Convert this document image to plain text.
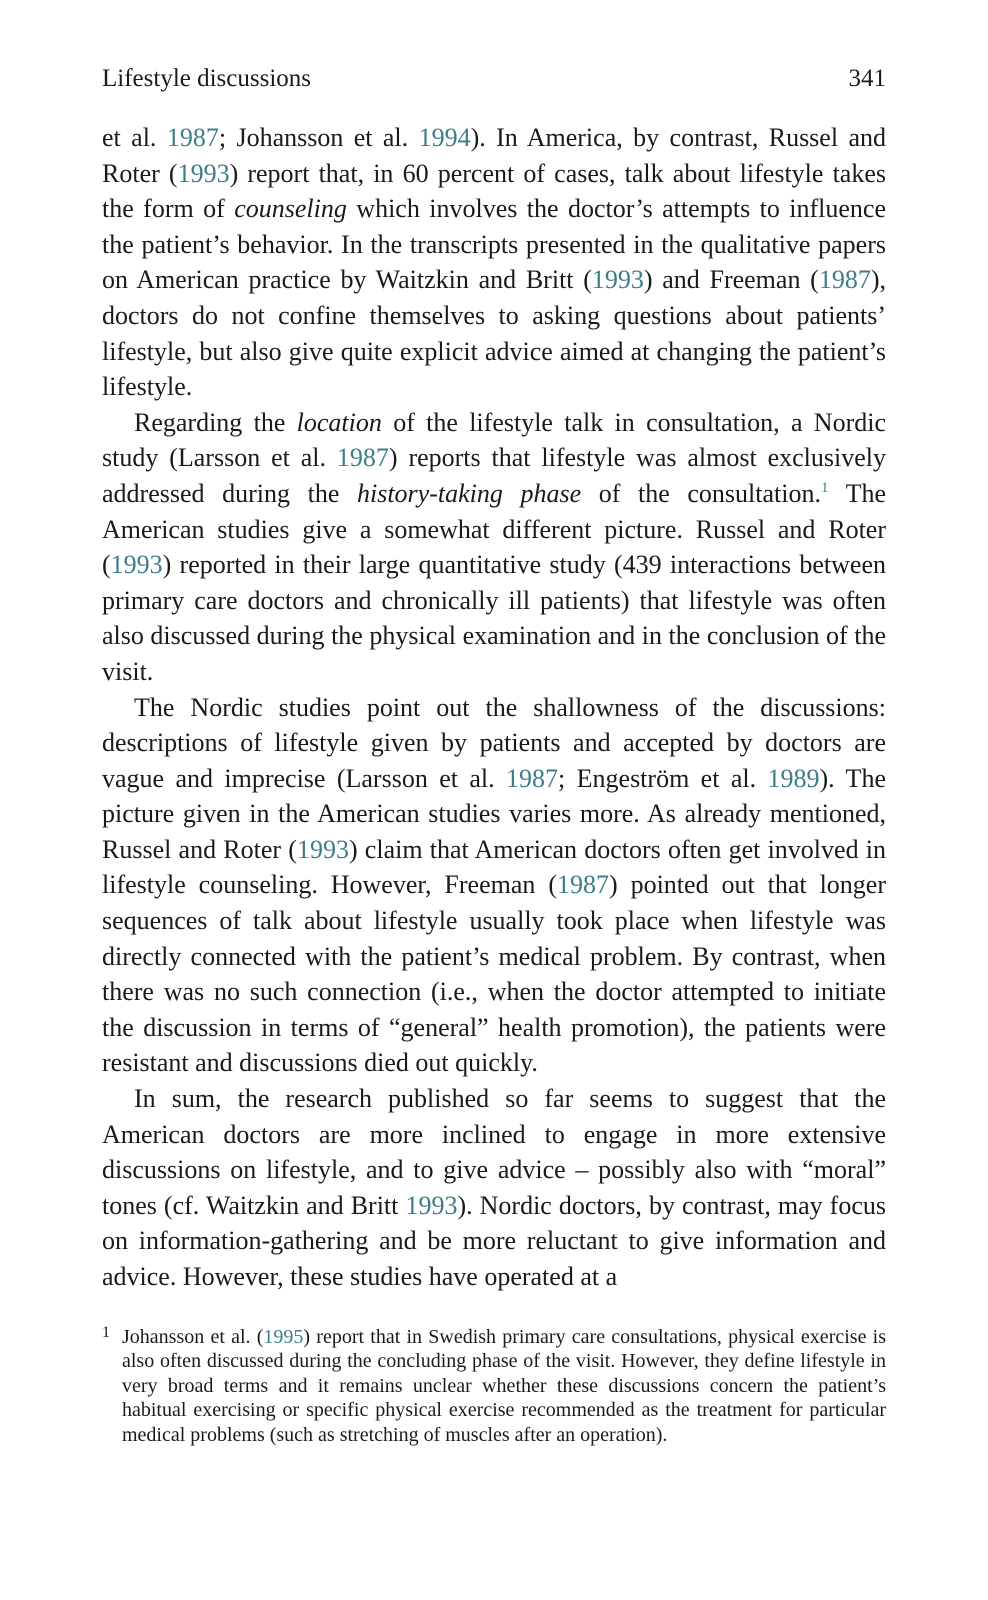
Lifestyle discussions	341

et al. 1987; Johansson et al. 1994). In America, by contrast, Russel and Roter (1993) report that, in 60 percent of cases, talk about lifestyle takes the form of counseling which involves the doctor’s attempts to influence the patient’s behavior. In the transcripts presented in the qualitative papers on American practice by Waitzkin and Britt (1993) and Freeman (1987), doctors do not confine themselves to asking questions about patients’ lifestyle, but also give quite explicit advice aimed at changing the patient’s lifestyle.

Regarding the location of the lifestyle talk in consultation, a Nordic study (Larsson et al. 1987) reports that lifestyle was almost exclusively addressed during the history-taking phase of the consultation.$^1$ The American studies give a somewhat different picture. Russel and Roter (1993) reported in their large quantitative study (439 interactions between primary care doctors and chronically ill patients) that lifestyle was often also discussed during the physical examination and in the conclusion of the visit.

The Nordic studies point out the shallowness of the discussions: descriptions of lifestyle given by patients and accepted by doctors are vague and imprecise (Larsson et al. 1987; Engeström et al. 1989). The picture given in the American studies varies more. As already mentioned, Russel and Roter (1993) claim that American doctors often get involved in lifestyle counseling. However, Freeman (1987) pointed out that longer sequences of talk about lifestyle usually took place when lifestyle was directly connected with the patient’s medical problem. By contrast, when there was no such connection (i.e., when the doctor attempted to initiate the discussion in terms of “general” health promotion), the patients were resistant and discussions died out quickly.

In sum, the research published so far seems to suggest that the American doctors are more inclined to engage in more extensive discussions on lifestyle, and to give advice – possibly also with “moral” tones (cf. Waitzkin and Britt 1993). Nordic doctors, by contrast, may focus on information-gathering and be more reluctant to give information and advice. However, these studies have operated at a

1 Johansson et al. (1995) report that in Swedish primary care consultations, physical exercise is also often discussed during the concluding phase of the visit. However, they define lifestyle in very broad terms and it remains unclear whether these discussions concern the patient’s habitual exercising or specific physical exercise recommended as the treatment for particular medical problems (such as stretching of muscles after an operation).
